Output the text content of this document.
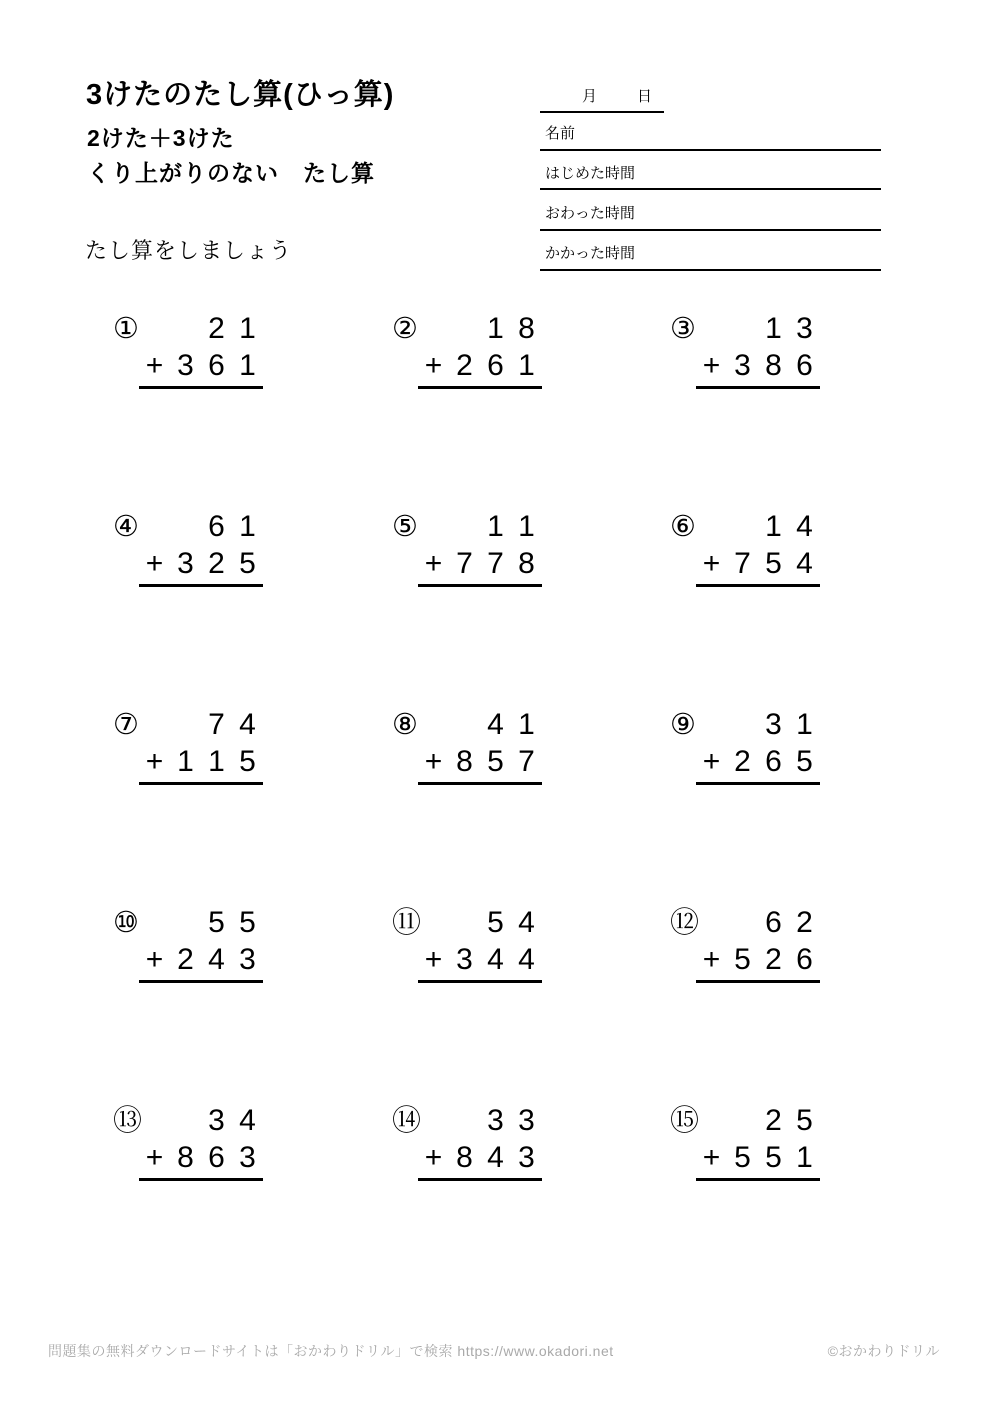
3けたのたし算(ひっ算)
2けた＋3けた
くり上がりのない　たし算
たし算をしましょう
月	日
名前
はじめた時間
おわった時間
かかった時間
① 2 1
+ 3 6 1
② 1 8
+ 2 6 1
③ 1 3
+ 3 8 6
④ 6 1
+ 3 2 5
⑤ 1 1
+ 7 7 8
⑥ 1 4
+ 7 5 4
⑦ 7 4
+ 1 1 5
⑧ 4 1
+ 8 5 7
⑨ 3 1
+ 2 6 5
⑩ 5 5
+ 2 4 3
⑪ 5 4
+ 3 4 4
⑫ 6 2
+ 5 2 6
⑬ 3 4
+ 8 6 3
⑭ 3 3
+ 8 4 3
⑮ 2 5
+ 5 5 1
問題集の無料ダウンロードサイトは「おかわりドリル」で検索 https://www.okadori.net	©おかわりドリル
